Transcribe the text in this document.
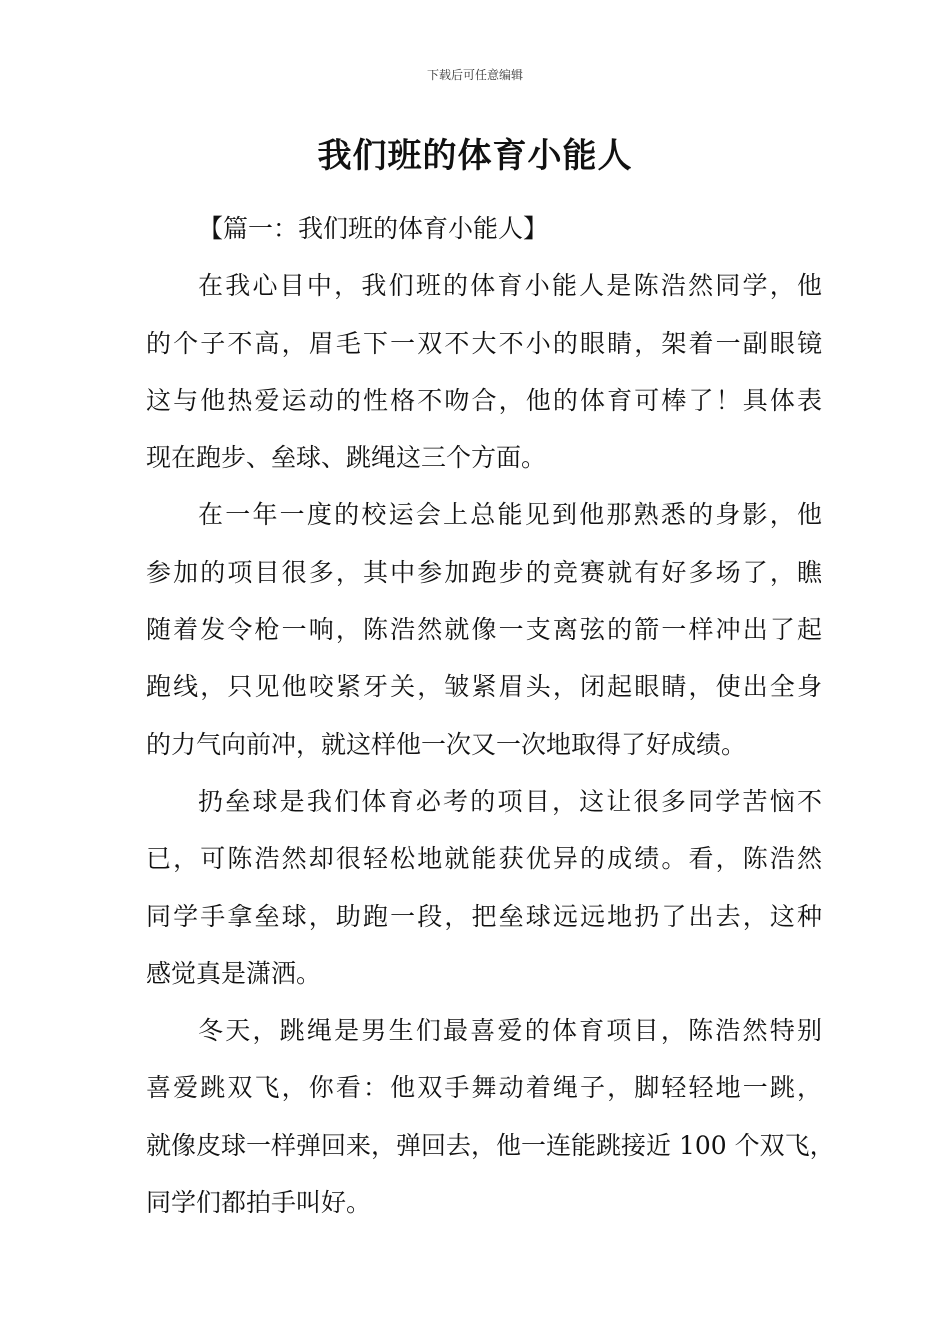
下载后可任意编辑
我们班的体育小能人
【篇一：我们班的体育小能人】
在我心目中，我们班的体育小能人是陈浩然同学，他
的个子不高，眉毛下一双不大不小的眼睛，架着一副眼镜
这与他热爱运动的性格不吻合，他的体育可棒了！具体表
现在跑步、垒球、跳绳这三个方面。
在一年一度的校运会上总能见到他那熟悉的身影，他
参加的项目很多，其中参加跑步的竞赛就有好多场了，瞧
随着发令枪一响，陈浩然就像一支离弦的箭一样冲出了起
跑线，只见他咬紧牙关，皱紧眉头，闭起眼睛，使出全身
的力气向前冲，就这样他一次又一次地取得了好成绩。
扔垒球是我们体育必考的项目，这让很多同学苦恼不
已，可陈浩然却很轻松地就能获优异的成绩。看，陈浩然
同学手拿垒球，助跑一段，把垒球远远地扔了出去，这种
感觉真是潇洒。
冬天，跳绳是男生们最喜爱的体育项目，陈浩然特别
喜爱跳双飞，你看：他双手舞动着绳子，脚轻轻地一跳，
就像皮球一样弹回来，弹回去，他一连能跳接近 100 个双飞，
同学们都拍手叫好。
